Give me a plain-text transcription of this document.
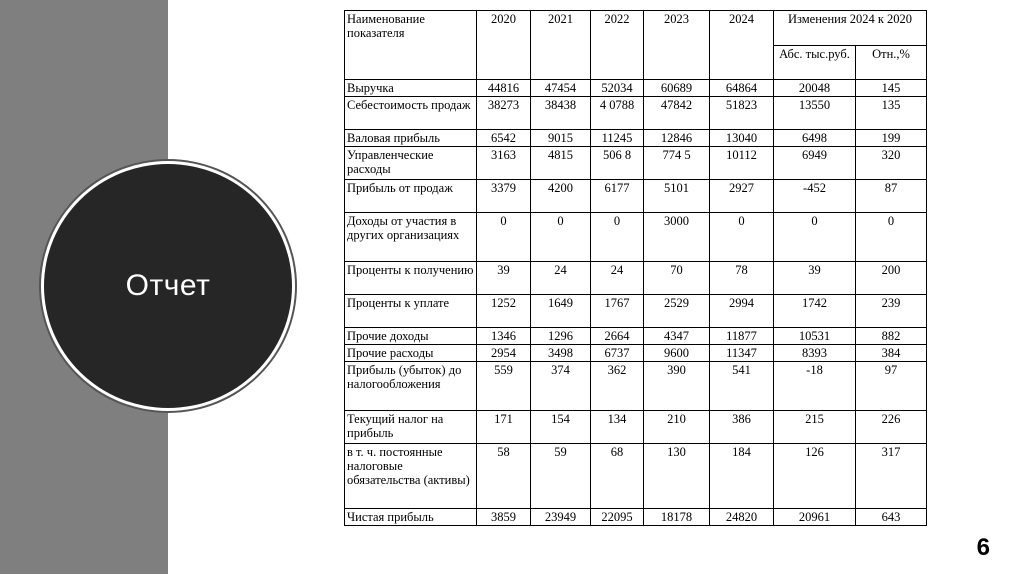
Отчет
Наименование показателя	2020	2021	2022	2023	2024	Изменения 2024 к 2020	
						Абс. тыс.руб.	Отн.,%
Выручка	44816	47454	52034	60689	64864	20048	145
Себестоимость продаж	38273	38438	4 0788	47842	51823	13550	135
Валовая прибыль	6542	9015	11245	12846	13040	6498	199
Управленческие расходы	3163	4815	506 8	774 5	10112	6949	320
Прибыль от продаж	3379	4200	6177	5101	2927	-452	87
Доходы от участия в других организациях	0	0	0	3000	0	0	0
Проценты к получению	39	24	24	70	78	39	200
Проценты к уплате	1252	1649	1767	2529	2994	1742	239
Прочие доходы	1346	1296	2664	4347	11877	10531	882
Прочие расходы	2954	3498	6737	9600	11347	8393	384
Прибыль (убыток) до налогообложения	559	374	362	390	541	-18	97
Текущий налог на прибыль	171	154	134	210	386	215	226
в т. ч. постоянные налоговые обязательства (активы)	58	59	68	130	184	126	317
Чистая прибыль	3859	23949	22095	18178	24820	20961	643
6
